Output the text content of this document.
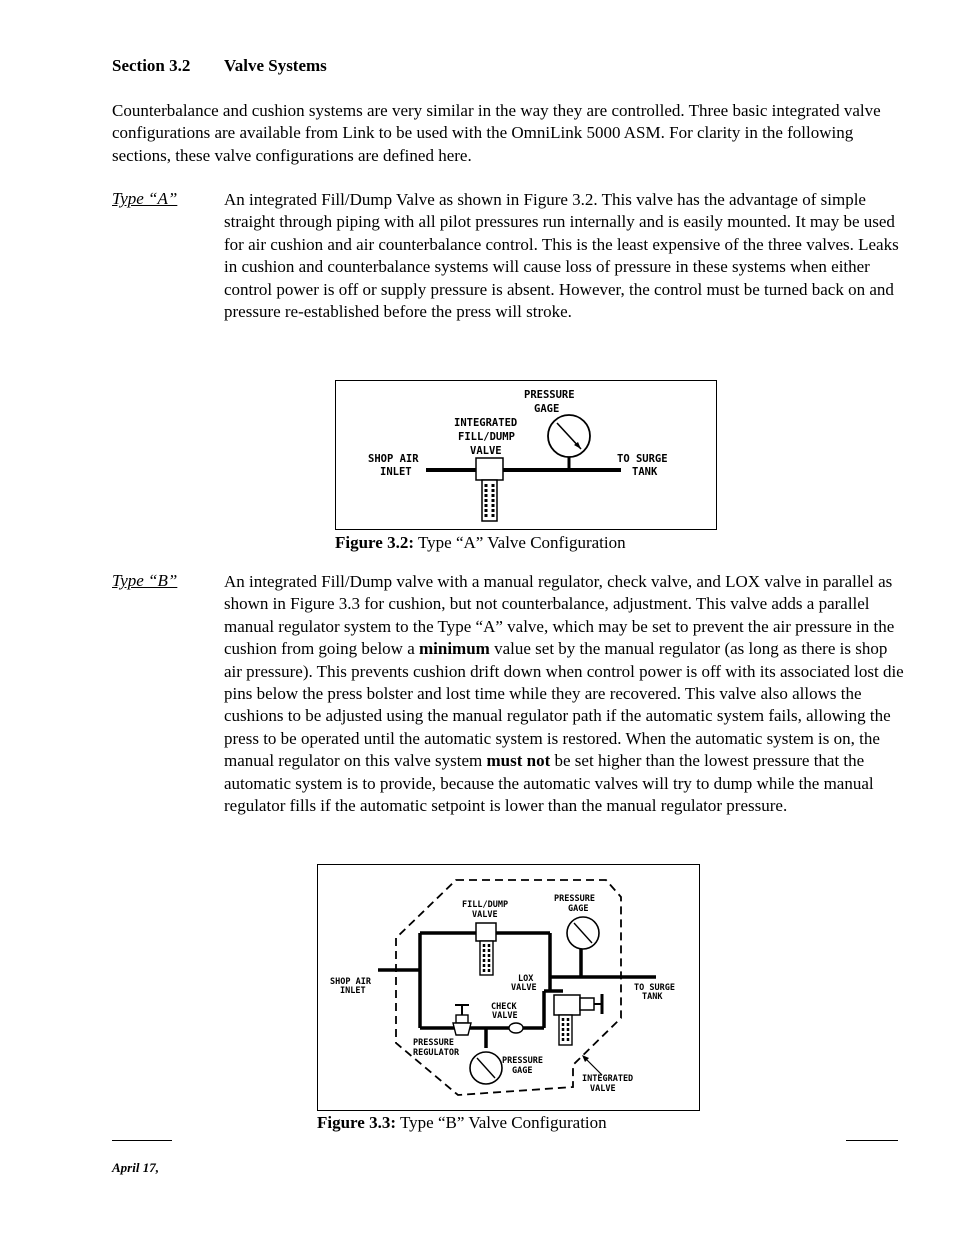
Section 3.2 Valve Systems
Counterbalance and cushion systems are very similar in the way they are controlled. Three basic integrated valve configurations are available from Link to be used with the OmniLink 5000 ASM. For clarity in the following sections, these valve configurations are defined here.
Type “A”	An integrated Fill/Dump Valve as shown in Figure 3.2. This valve has the advantage of simple straight through piping with all pilot pressures run internally and is easily mounted. It may be used for air cushion and air counterbalance control. This is the least expensive of the three valves. Leaks in cushion and counterbalance systems will cause loss of pressure in these systems when either control power is off or supply pressure is absent. However, the control must be turned back on and pressure re-established before the press will stroke.
PRESSURE
GAGE
INTEGRATED
FILL/DUMP
VALVE
SHOP AIR
INLET
TO SURGE
TANK
Figure 3.2: Type “A” Valve Configuration
Type “B”	An integrated Fill/Dump valve with a manual regulator, check valve, and LOX valve in parallel as shown in Figure 3.3 for cushion, but not counterbalance, adjustment. This valve adds a parallel manual regulator system to the Type “A” valve, which may be set to prevent the air pressure in the cushion from going below a minimum value set by the manual regulator (as long as there is shop air pressure). This prevents cushion drift down when control power is off with its associated lost die pins below the press bolster and lost time while they are recovered. This valve also allows the cushions to be adjusted using the manual regulator path if the automatic system fails, allowing the press to be operated until the automatic system is restored. When the automatic system is on, the manual regulator on this valve system must not be set higher than the lowest pressure that the automatic system is to provide, because the automatic valves will try to dump while the manual regulator fills if the automatic setpoint is lower than the manual regulator pressure.
FILL/DUMP
VALVE
PRESSURE
GAGE
SHOP AIR
INLET
LOX
VALVE	TO SURGE
TANK
CHECK
VALVE
PRESSURE
REGULATOR
PRESSURE
GAGE
INTEGRATED
VALVE
Figure 3.3: Type “B” Valve Configuration
April 17,
